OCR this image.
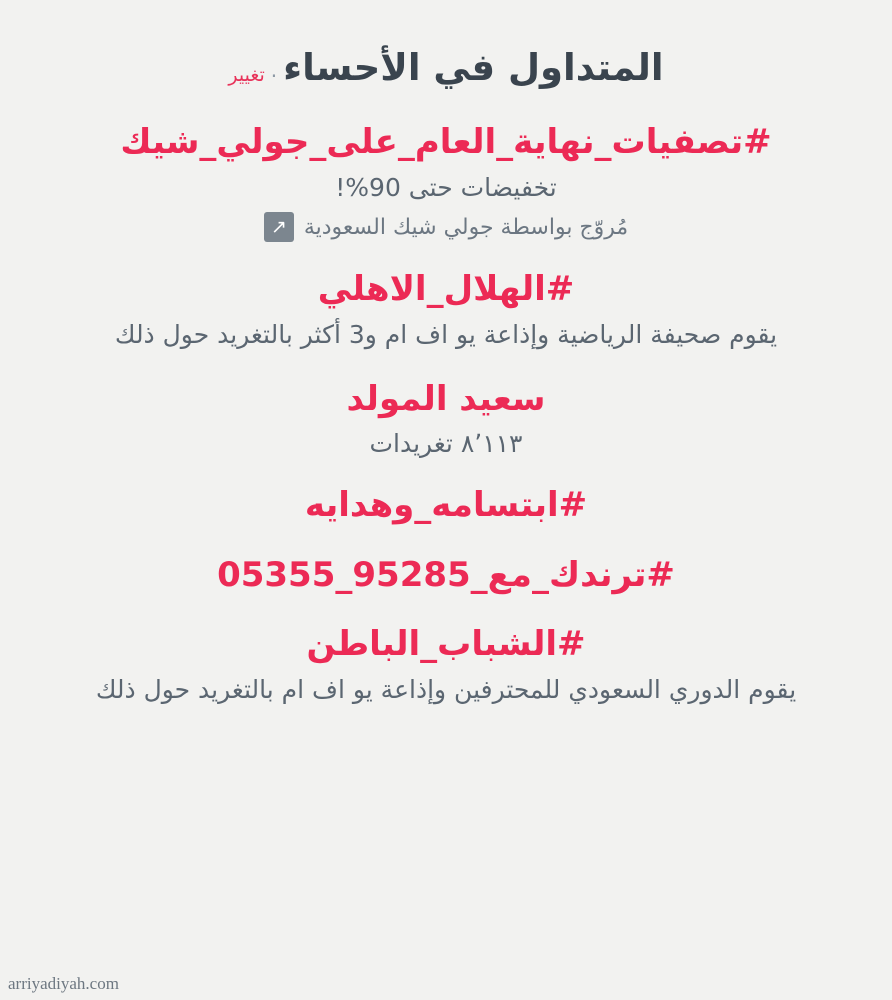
المتداول في الأحساء·تغيير
#تصفيات_نهاية_العام_على_جولي_شيك
تخفيضات حتى 90%!
↗ مُروّج بواسطة جولي شيك السعودية
#الهلال_الاهلي
يقوم صحيفة الرياضية وإذاعة يو اف ام و3 أكثر بالتغريد حول ذلك
سعيد المولد
٨٬١١٣ تغريدات
#ابتسامه_وهدايه
#ترندك_مع_95285_05355
#الشباب_الباطن
يقوم الدوري السعودي للمحترفين وإذاعة يو اف ام بالتغريد حول ذلك
arriyadiyah.com
